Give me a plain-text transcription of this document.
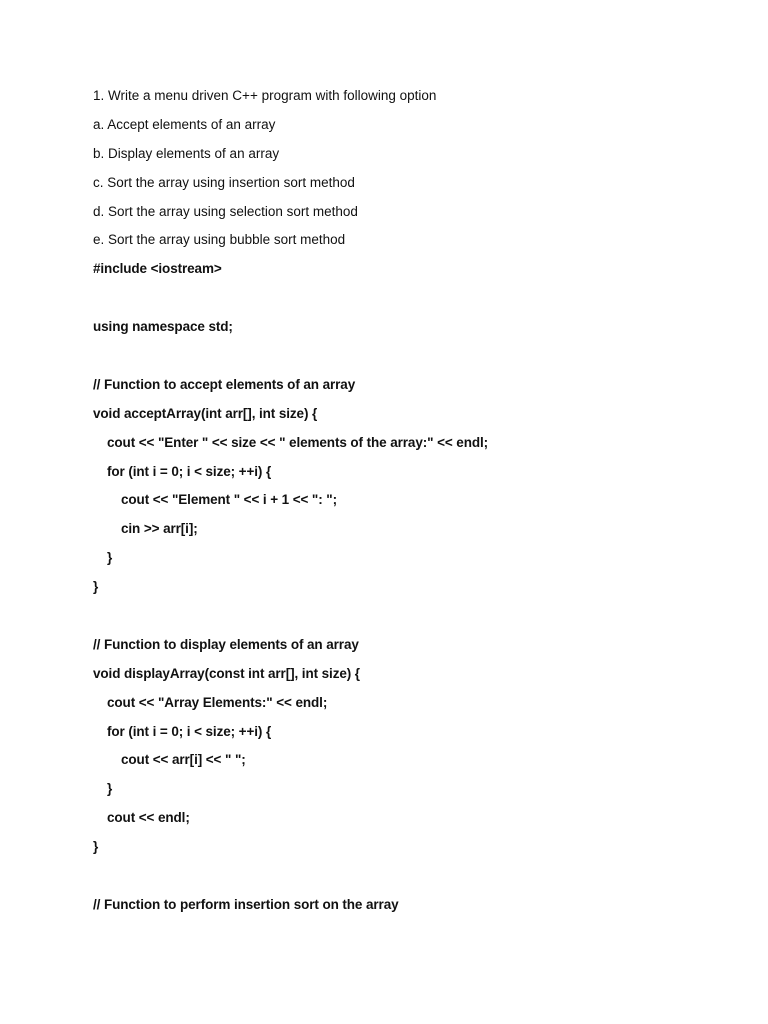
1. Write a menu driven C++ program with following option
a. Accept elements of an array
b. Display elements of an array
c. Sort the array using insertion sort method
d. Sort the array using selection sort method
e. Sort the array using bubble sort method
#include <iostream>
using namespace std;
// Function to accept elements of an array
void acceptArray(int arr[], int size) {
cout << "Enter " << size << " elements of the array:" << endl;
for (int i = 0; i < size; ++i) {
cout << "Element " << i + 1 << ": ";
cin >> arr[i];
}
}
// Function to display elements of an array
void displayArray(const int arr[], int size) {
cout << "Array Elements:" << endl;
for (int i = 0; i < size; ++i) {
cout << arr[i] << " ";
}
cout << endl;
}
// Function to perform insertion sort on the array
